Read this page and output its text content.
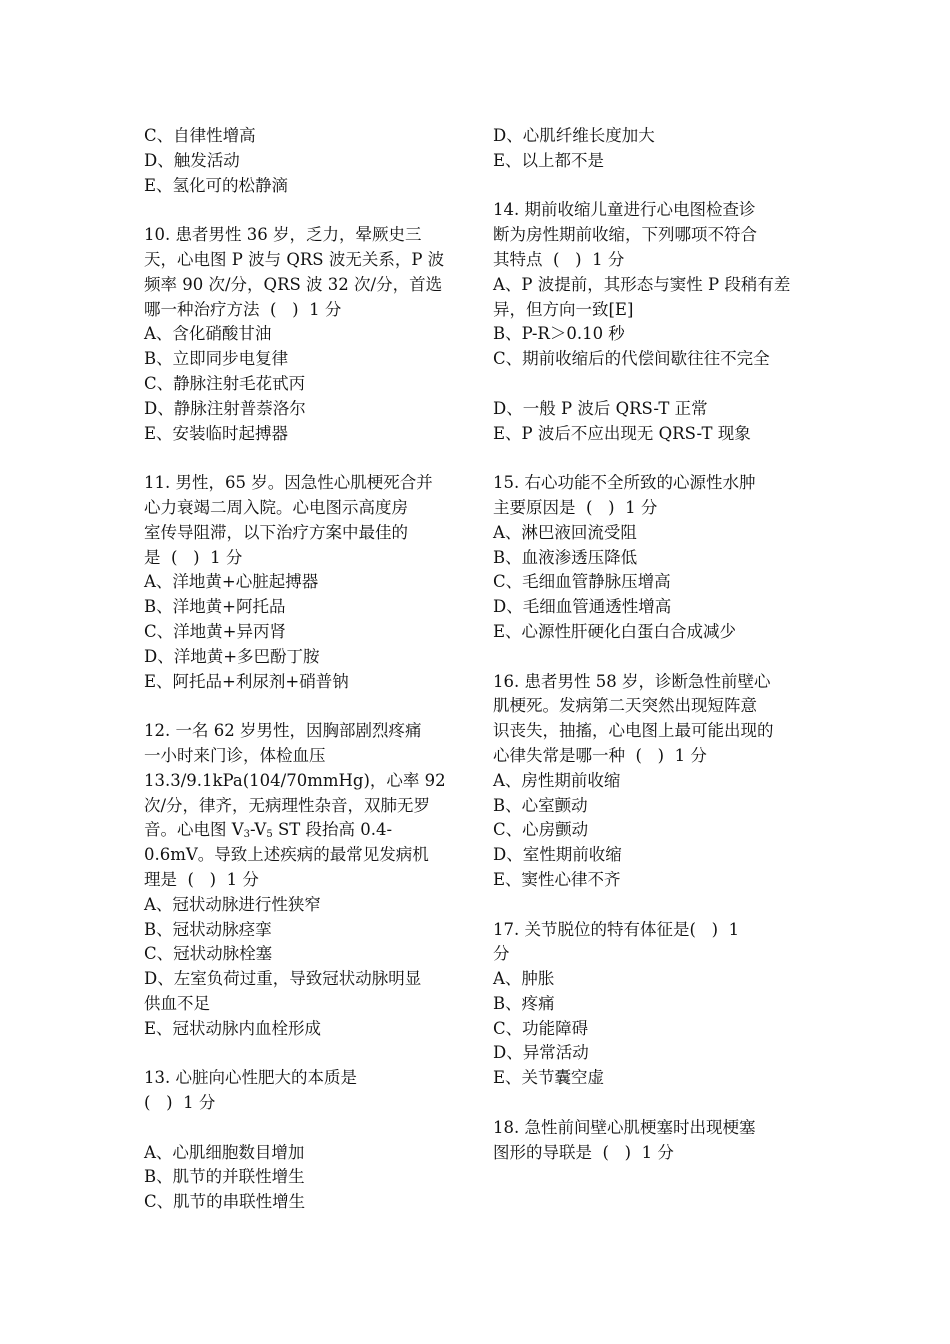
C、自律性增高
D、触发活动
E、氢化可的松静滴
10. 患者男性 36 岁，乏力，晕厥史三
天，心电图 P 波与 QRS 波无关系，P 波
频率 90 次/分，QRS 波 32 次/分，首选
哪一种治疗方法  (   )  1 分
A、含化硝酸甘油
B、立即同步电复律
C、静脉注射毛花甙丙
D、静脉注射普萘洛尔
E、安装临时起搏器
11. 男性，65 岁。因急性心肌梗死合并
心力衰竭二周入院。心电图示高度房
室传导阻滞，以下治疗方案中最佳的
是  (   )  1 分
A、洋地黄+心脏起搏器
B、洋地黄+阿托品
C、洋地黄+异丙肾
D、洋地黄+多巴酚丁胺
E、阿托品+利尿剂+硝普钠
12. 一名 62 岁男性，因胸部剧烈疼痛
一小时来门诊，体检血压
13.3/9.1kPa(104/70mmHg)，心率 92
次/分，律齐，无病理性杂音，双肺无罗
音。心电图 $V_3-V_5$ ST 段抬高 0.4-
0.6mV。导致上述疾病的最常见发病机
理是  (   )  1 分
A、冠状动脉进行性狭窄
B、冠状动脉痉挛
C、冠状动脉栓塞
D、左室负荷过重，导致冠状动脉明显
供血不足
E、冠状动脉内血栓形成
13. 心脏向心性肥大的本质是
(   )  1 分
A、心肌细胞数目增加
B、肌节的并联性增生
C、肌节的串联性增生
D、心肌纤维长度加大
E、以上都不是
14. 期前收缩儿童进行心电图检查诊
断为房性期前收缩，下列哪项不符合
其特点  (   )  1 分
A、P 波提前，其形态与窦性 P 段稍有差
异，但方向一致[E]
B、P-R＞0.10 秒
C、期前收缩后的代偿间歇往往不完全
D、一般 P 波后 QRS-T 正常
E、P 波后不应出现无 QRS-T 现象
15. 右心功能不全所致的心源性水肿
主要原因是  (   )  1 分
A、淋巴液回流受阻
B、血液渗透压降低
C、毛细血管静脉压增高
D、毛细血管通透性增高
E、心源性肝硬化白蛋白合成减少
16. 患者男性 58 岁，诊断急性前壁心
肌梗死。发病第二天突然出现短阵意
识丧失，抽搐，心电图上最可能出现的
心律失常是哪一种  (   )  1 分
A、房性期前收缩
B、心室颤动
C、心房颤动
D、室性期前收缩
E、窦性心律不齐
17. 关节脱位的特有体征是(   )  1
分
A、肿胀
B、疼痛
C、功能障碍
D、异常活动
E、关节囊空虚
18. 急性前间壁心肌梗塞时出现梗塞
图形的导联是  (   )  1 分
